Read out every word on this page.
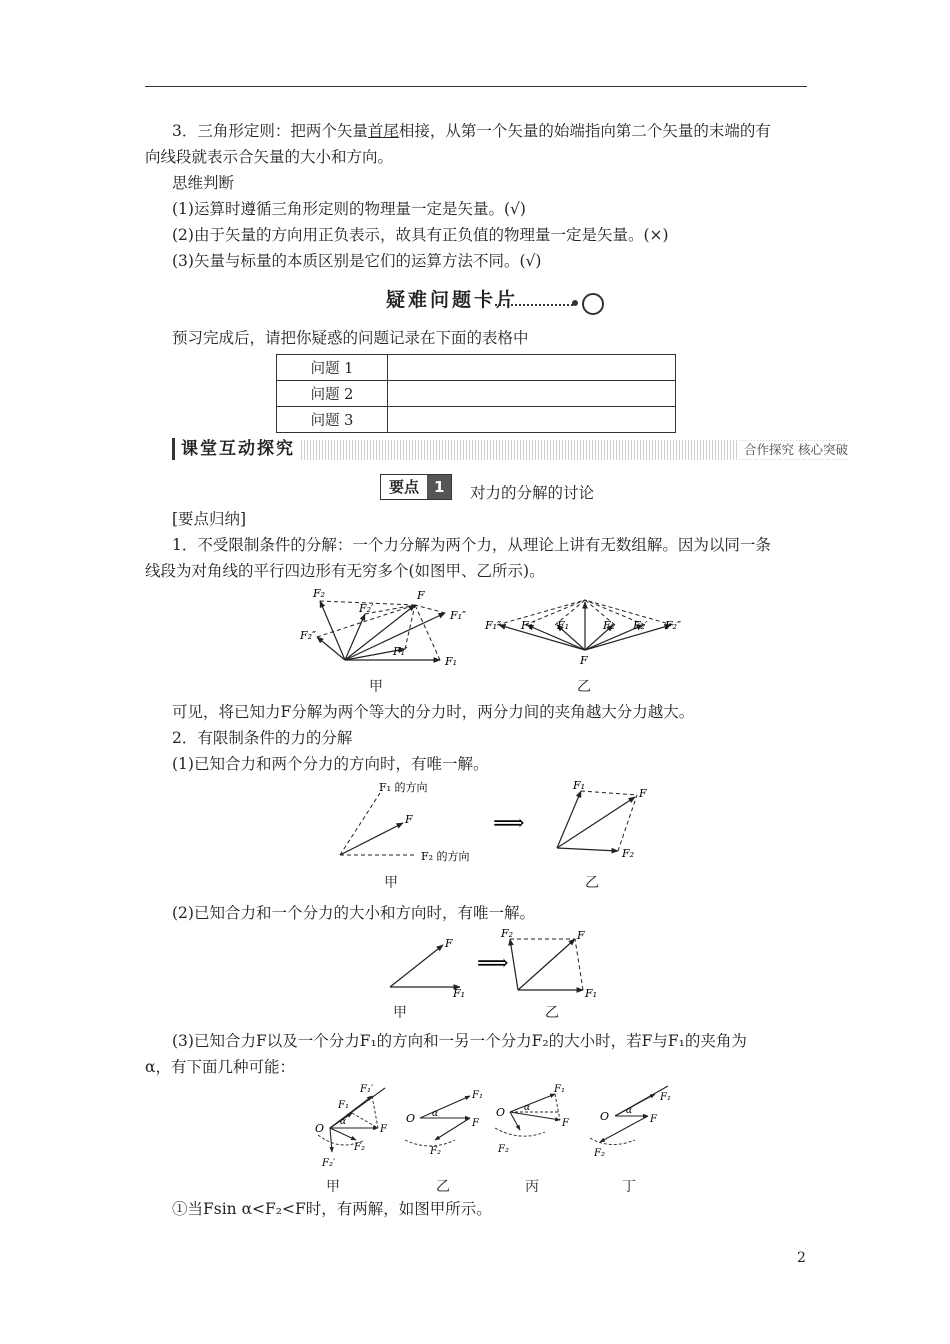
3．三角形定则：把两个矢量首尾相接，从第一个矢量的始端指向第二个矢量的末端的有
向线段就表示合矢量的大小和方向。
思维判断
(1)运算时遵循三角形定则的物理量一定是矢量。(√)
(2)由于矢量的方向用正负表示，故具有正负值的物理量一定是矢量。(×)
(3)矢量与标量的本质区别是它们的运算方法不同。(√)
疑难问题卡片
预习完成后，请把你疑惑的问题记录在下面的表格中
问题 1	
问题 2	
问题 3	
课堂互动探究	合作探究 核心突破
要点	1	对力的分解的讨论
[要点归纳]
1．不受限制条件的分解：一个力分解为两个力，从理论上讲有无数组解。因为以同一条
线段为对角线的平行四边形有无穷多个(如图甲、乙所示)。
F
F₂
F₂′
F₁″
F₂″
F₁′
F₁
甲
F₁″ F₁′ F₁	F₂ F₂′ F₂″
F
乙
可见，将已知力F分解为两个等大的分力时，两分力间的夹角越大分力越大。
2．有限制条件的力的分解
(1)已知合力和两个分力的方向时，有唯一解。
F₁ 的方向
F
F₂ 的方向
⟹
F₁
F
F₂
甲	乙
(2)已知合力和一个分力的大小和方向时，有唯一解。
F
F₁
⟹
F₂	F
F₁
甲	乙
(3)已知合力F以及一个分力F₁的方向和一另一个分力F₂的大小时，若F与F₁的夹角为
α，有下面几种可能：
O α
F₁
F₁′
F
F₂
F₂′
O α
F₁
F
F₂
O α
F₁
F
F₂
O α
F₁
F
F₂
甲	乙	丙	丁
①当Fsin α<F₂<F时，有两解，如图甲所示。
2
